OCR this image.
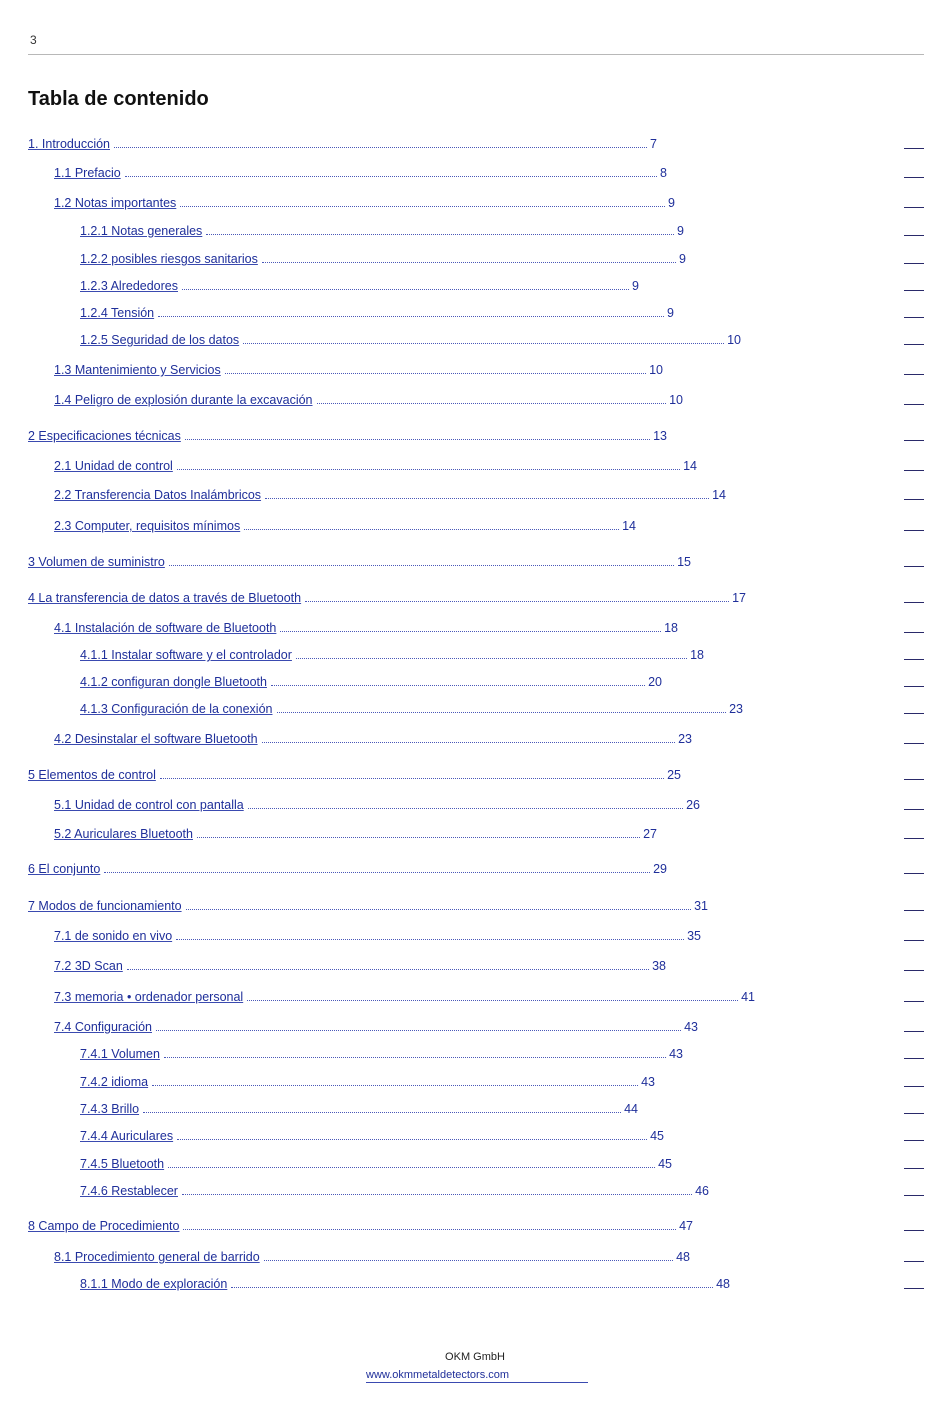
3
Tabla de contenido
1. Introducción	7
1.1 Prefacio	8
1.2 Notas importantes	9
1.2.1 Notas generales	9
1.2.2 posibles riesgos sanitarios	9
1.2.3 Alrededores	9
1.2.4 Tensión	9
1.2.5 Seguridad de los datos	10
1.3 Mantenimiento y Servicios	10
1.4 Peligro de explosión durante la excavación	10
2 Especificaciones técnicas	13
2.1 Unidad de control	14
2.2 Transferencia Datos Inalámbricos	14
2.3 Computer, requisitos mínimos	14
3 Volumen de suministro	15
4 La transferencia de datos a través de Bluetooth	17
4.1 Instalación de software de Bluetooth	18
4.1.1 Instalar software y el controlador	18
4.1.2 configuran dongle Bluetooth	20
4.1.3 Configuración de la conexión	23
4.2 Desinstalar el software Bluetooth	23
5 Elementos de control	25
5.1 Unidad de control con pantalla	26
5.2 Auriculares Bluetooth	27
6 El conjunto	29
7 Modos de funcionamiento	31
7.1 de sonido en vivo	35
7.2 3D Scan	38
7.3 memoria • ordenador personal	41
7.4 Configuración	43
7.4.1 Volumen	43
7.4.2 idioma	43
7.4.3 Brillo	44
7.4.4 Auriculares	45
7.4.5 Bluetooth	45
7.4.6 Restablecer	46
8 Campo de Procedimiento	47
8.1 Procedimiento general de barrido	48
8.1.1 Modo de exploración	48
OKM GmbH
www.okmmetaldetectors.com
